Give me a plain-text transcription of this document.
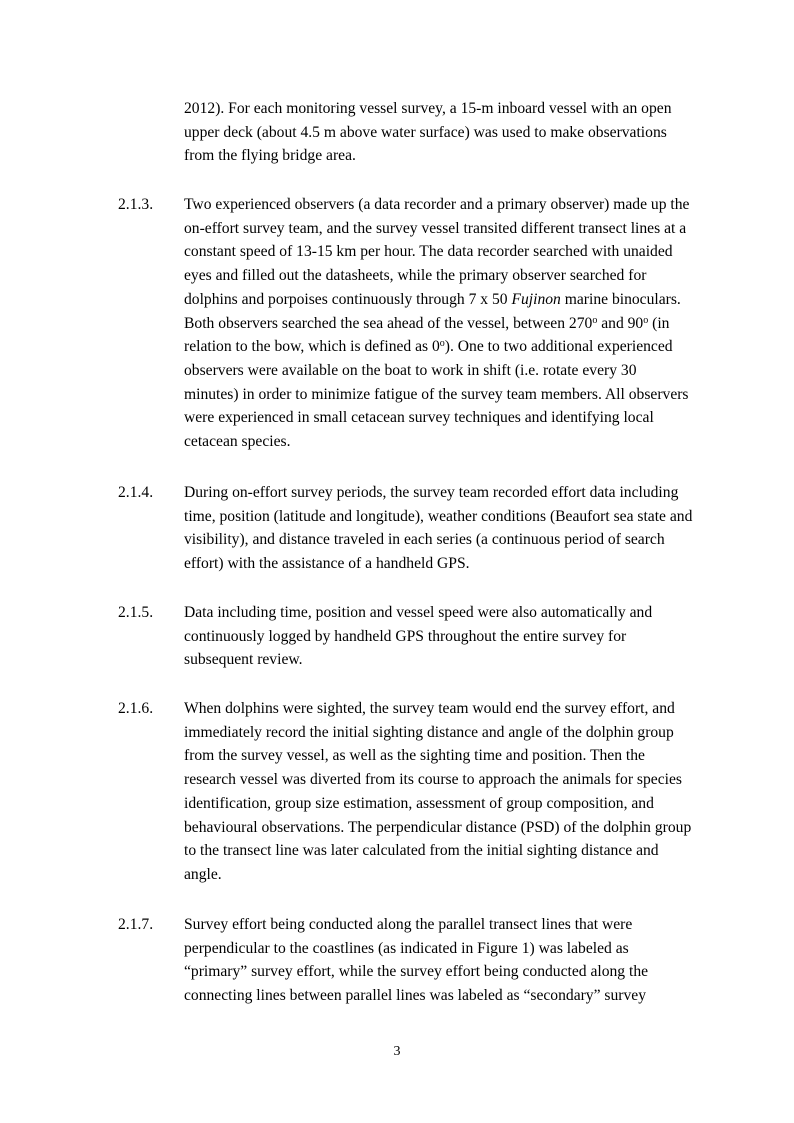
2012). For each monitoring vessel survey, a 15-m inboard vessel with an open upper deck (about 4.5 m above water surface) was used to make observations from the flying bridge area.

2.1.3. Two experienced observers (a data recorder and a primary observer) made up the on-effort survey team, and the survey vessel transited different transect lines at a constant speed of 13-15 km per hour. The data recorder searched with unaided eyes and filled out the datasheets, while the primary observer searched for dolphins and porpoises continuously through 7 x 50 Fujinon marine binoculars. Both observers searched the sea ahead of the vessel, between 270$^o$ and 90$^o$ (in relation to the bow, which is defined as 0$^o$). One to two additional experienced observers were available on the boat to work in shift (i.e. rotate every 30 minutes) in order to minimize fatigue of the survey team members. All observers were experienced in small cetacean survey techniques and identifying local cetacean species.

2.1.4. During on-effort survey periods, the survey team recorded effort data including time, position (latitude and longitude), weather conditions (Beaufort sea state and visibility), and distance traveled in each series (a continuous period of search effort) with the assistance of a handheld GPS.

2.1.5. Data including time, position and vessel speed were also automatically and continuously logged by handheld GPS throughout the entire survey for subsequent review.

2.1.6. When dolphins were sighted, the survey team would end the survey effort, and immediately record the initial sighting distance and angle of the dolphin group from the survey vessel, as well as the sighting time and position. Then the research vessel was diverted from its course to approach the animals for species identification, group size estimation, assessment of group composition, and behavioural observations. The perpendicular distance (PSD) of the dolphin group to the transect line was later calculated from the initial sighting distance and angle.

2.1.7. Survey effort being conducted along the parallel transect lines that were perpendicular to the coastlines (as indicated in Figure 1) was labeled as “primary” survey effort, while the survey effort being conducted along the connecting lines between parallel lines was labeled as “secondary” survey

3
